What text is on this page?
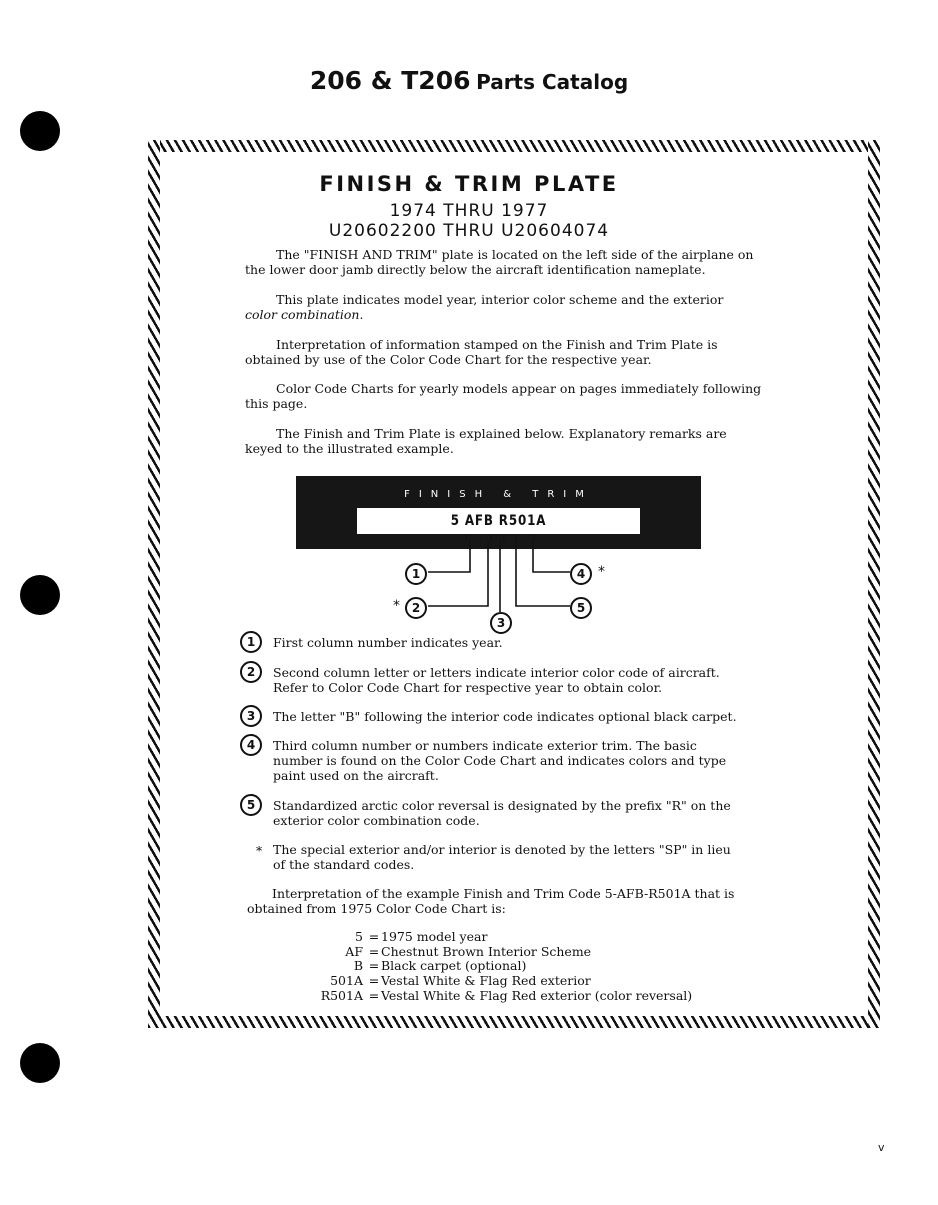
206 & T206 Parts Catalog
FINISH & TRIM PLATE
1974 THRU 1977
U20602200 THRU U20604074
The "FINISH AND TRIM" plate is located on the left side of the airplane on
the lower door jamb directly below the aircraft identification nameplate.
This plate indicates model year, interior color scheme and the exterior
color combination.
Interpretation of information stamped on the Finish and Trim Plate is
obtained by use of the Color Code Chart for the respective year.
Color Code Charts for yearly models appear on pages immediately following
this page.
The Finish and Trim Plate is explained below. Explanatory remarks are
keyed to the illustrated example.
FINISH & TRIM
5 AFB R501A
1
2
3
4
5
*
*
1	First column number indicates year.
2	Second column letter or letters indicate interior color code of aircraft.
Refer to Color Code Chart for respective year to obtain color.
3	The letter "B" following the interior code indicates optional black carpet.
4	Third column number or numbers indicate exterior trim. The basic
number is found on the Color Code Chart and indicates colors and type
paint used on the aircraft.
5	Standardized arctic color reversal is designated by the prefix "R" on the
exterior color combination code.
* The special exterior and/or interior is denoted by the letters "SP" in lieu
of the standard codes.
Interpretation of the example Finish and Trim Code 5-AFB-R501A that is
obtained from 1975 Color Code Chart is:
5 = 1975 model year
AF = Chestnut Brown Interior Scheme
B = Black carpet (optional)
501A = Vestal White & Flag Red exterior
R501A = Vestal White & Flag Red exterior (color reversal)
v
